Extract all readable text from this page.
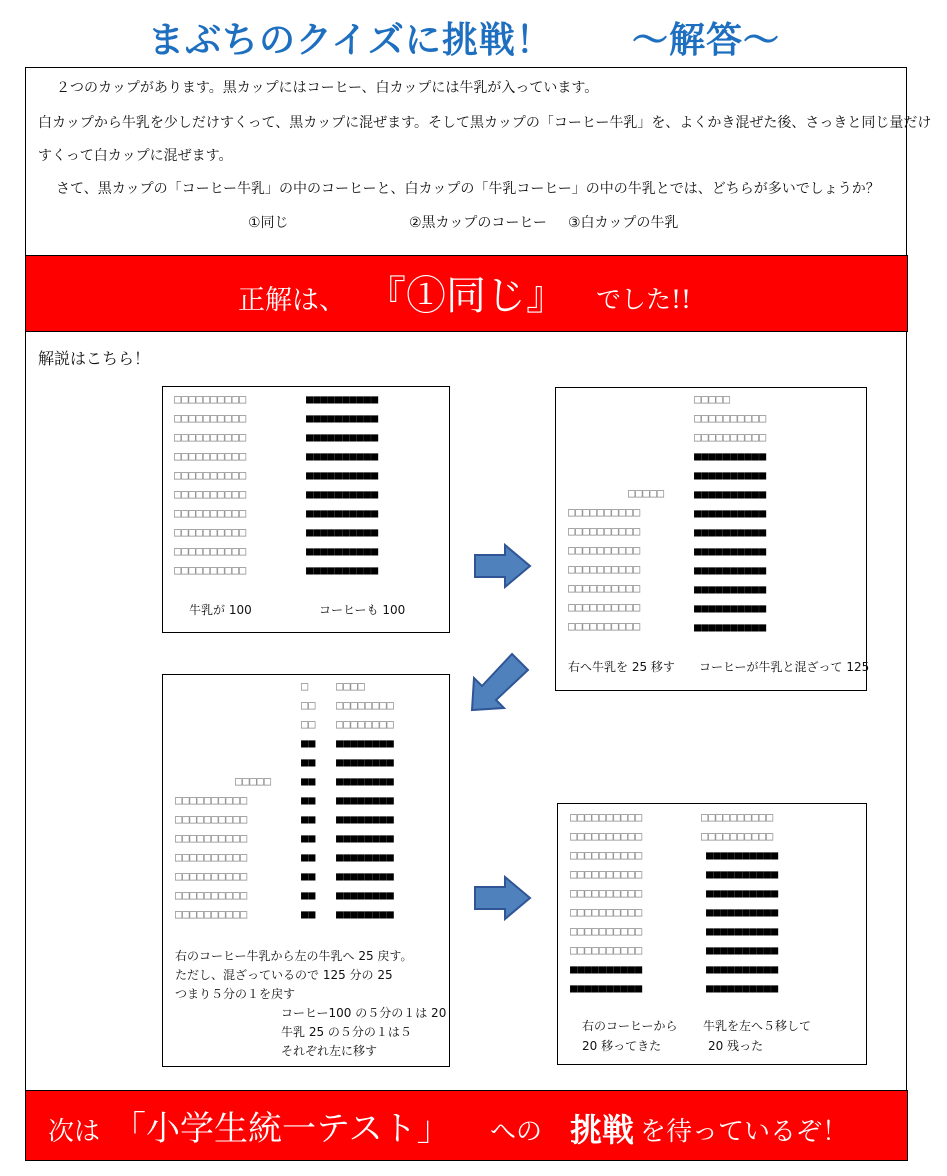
まぶちのクイズに挑戦！ ～解答～
２つのカップがあります。黒カップにはコーヒー、白カップには牛乳が入っています。
白カップから牛乳を少しだけすくって、黒カップに混ぜます。そして黒カップの「コーヒー牛乳」を、よくかき混ぜた後、さっきと同じ量だけ
すくって白カップに混ぜます。
さて、黒カップの「コーヒー牛乳」の中のコーヒーと、白カップの「牛乳コーヒー」の中の牛乳とでは、どちらが多いでしょうか？
①同じ	②黒カップのコーヒー ③白カップの牛乳
正解は、 『①同じ』 でした!!
解説はこちら！
□□□□□□□□□□
□□□□□□□□□□
□□□□□□□□□□
□□□□□□□□□□
□□□□□□□□□□
□□□□□□□□□□
□□□□□□□□□□
□□□□□□□□□□
□□□□□□□□□□
□□□□□□□□□□
■■■■■■■■■■
■■■■■■■■■■
■■■■■■■■■■
■■■■■■■■■■
■■■■■■■■■■
■■■■■■■■■■
■■■■■■■■■■
■■■■■■■■■■
■■■■■■■■■■
■■■■■■■■■■
牛乳が 100	コーヒーも 100
　　　　　□□□□□
□□□□□□□□□□
□□□□□□□□□□
□□□□□□□□□□
□□□□□□□□□□
□□□□□□□□□□
□□□□□□□□□□
□□□□□□□□□□
□□□□□
□□□□□□□□□□
□□□□□□□□□□
■■■■■■■■■■
■■■■■■■■■■
■■■■■■■■■■
■■■■■■■■■■
■■■■■■■■■■
■■■■■■■■■■
■■■■■■■■■■
■■■■■■■■■■
■■■■■■■■■■
■■■■■■■■■■
右へ牛乳を 25 移す コーヒーが牛乳と混ざって 125
　　　　　□□□□□
□□□□□□□□□□
□□□□□□□□□□
□□□□□□□□□□
□□□□□□□□□□
□□□□□□□□□□
□□□□□□□□□□
□□□□□□□□□□
□
□□
□□
■■
■■
■■
■■
■■
■■
■■
■■
■■
■■
□□□□
□□□□□□□□
□□□□□□□□
■■■■■■■■
■■■■■■■■
■■■■■■■■
■■■■■■■■
■■■■■■■■
■■■■■■■■
■■■■■■■■
■■■■■■■■
■■■■■■■■
■■■■■■■■
右のコーヒー牛乳から左の牛乳へ 25 戻す。
ただし、混ざっているので 125 分の 25
つまり５分の１を戻す
コーヒー100 の５分の１は 20
牛乳 25 の５分の１は５
それぞれ左に移す
□□□□□□□□□□
□□□□□□□□□□
□□□□□□□□□□
□□□□□□□□□□
□□□□□□□□□□
□□□□□□□□□□
□□□□□□□□□□
□□□□□□□□□□
■■■■■■■■■■
■■■■■■■■■■
□□□□□□□□□□
□□□□□□□□□□
■■■■■■■■■■
■■■■■■■■■■
■■■■■■■■■■
■■■■■■■■■■
■■■■■■■■■■
■■■■■■■■■■
■■■■■■■■■■
■■■■■■■■■■
右のコーヒーから
20 移ってきた
牛乳を左へ５移して
20 残った
次は 「小学生統一テスト」 への 挑戦 を待っているぞ！
